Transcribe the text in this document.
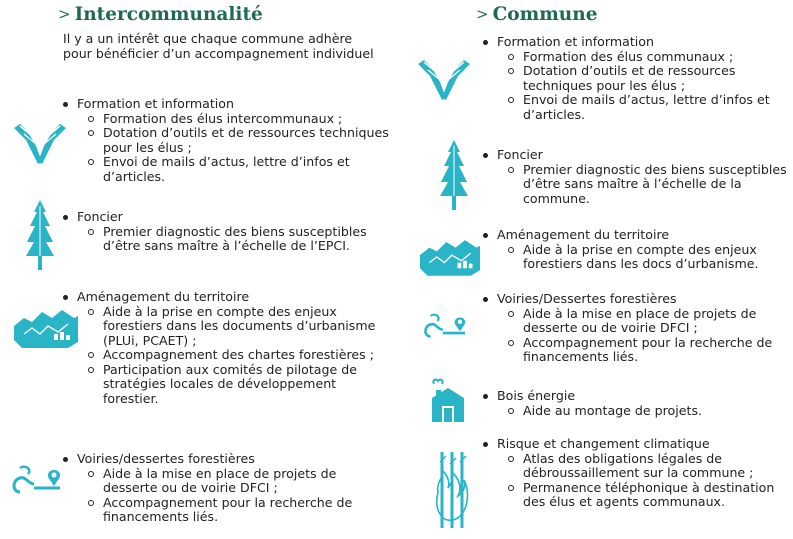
> Intercommunalité

Il y a un intérêt que chaque commune adhère pour bénéficier d’un accompagnement individuel

Formation et information

Formation des élus intercommunaux ;
Dotation d’outils et de ressources techniques pour les élus ;
Envoi de mails d’actus, lettre d’infos et d’articles.

Foncier

Premier diagnostic des biens susceptibles d’être sans maître à l’échelle de l’EPCI.

Aménagement du territoire

Aide à la prise en compte des enjeux forestiers dans les documents d’urbanisme (PLUi, PCAET) ;
Accompagnement des chartes forestières ;
Participation aux comités de pilotage de stratégies locales de développement forestier.

Voiries/dessertes forestières

Aide à la mise en place de projets de desserte ou de voirie DFCI ;
Accompagnement pour la recherche de financements liés.
> Commune

Formation et information

Formation des élus communaux ;
Dotation d’outils et de ressources techniques pour les élus ;
Envoi de mails d’actus, lettre d’infos et d’articles.

Foncier

Premier diagnostic des biens susceptibles d’être sans maître à l’échelle de la commune.

Aménagement du territoire

Aide à la prise en compte des enjeux forestiers dans les docs d’urbanisme.

Voiries/Dessertes forestières

Aide à la mise en place de projets de desserte ou de voirie DFCI ;
Accompagnement pour la recherche de financements liés.

Bois énergie

Aide au montage de projets.

Risque et changement climatique

Atlas des obligations légales de débroussaillement sur la commune ;
Permanence téléphonique à destination des élus et agents communaux.
